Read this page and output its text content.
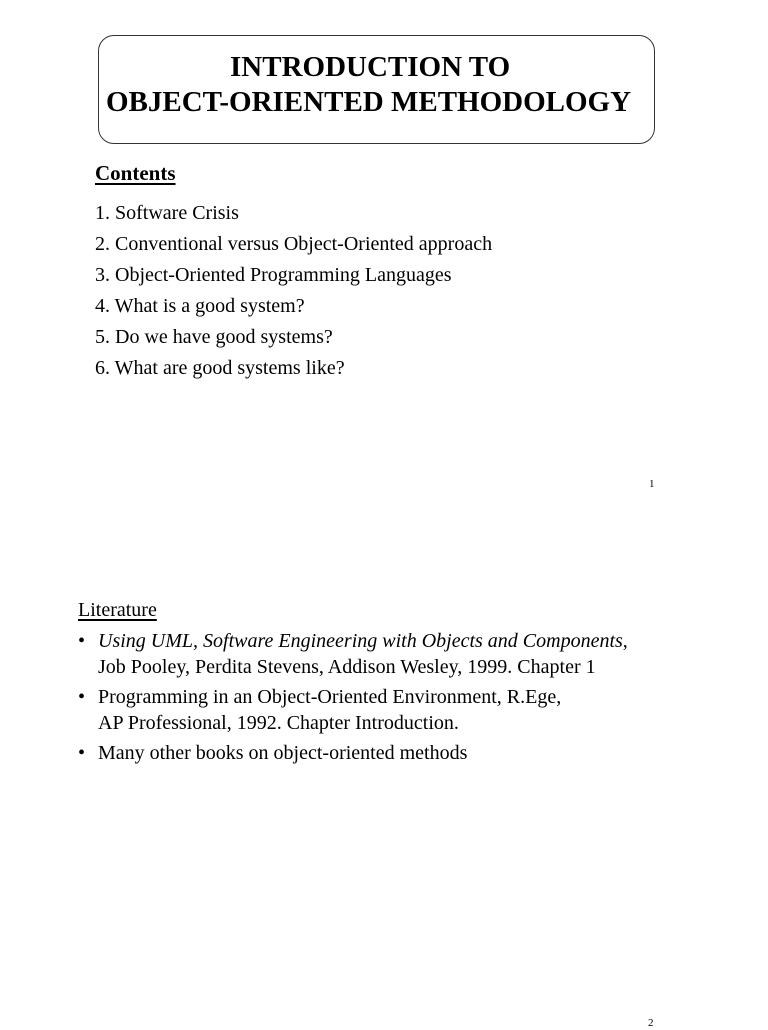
INTRODUCTION TO
OBJECT-ORIENTED METHODOLOGY
Contents
1. Software Crisis
2. Conventional versus Object-Oriented approach
3. Object-Oriented Programming Languages
4. What is a good system?
5. Do we have good systems?
6. What are good systems like?
1
Literature
• Using UML, Software Engineering with Objects and Components,
Job Pooley, Perdita Stevens, Addison Wesley, 1999. Chapter 1
• Programming in an Object-Oriented Environment, R.Ege,
AP Professional, 1992. Chapter Introduction.
• Many other books on object-oriented methods
2
